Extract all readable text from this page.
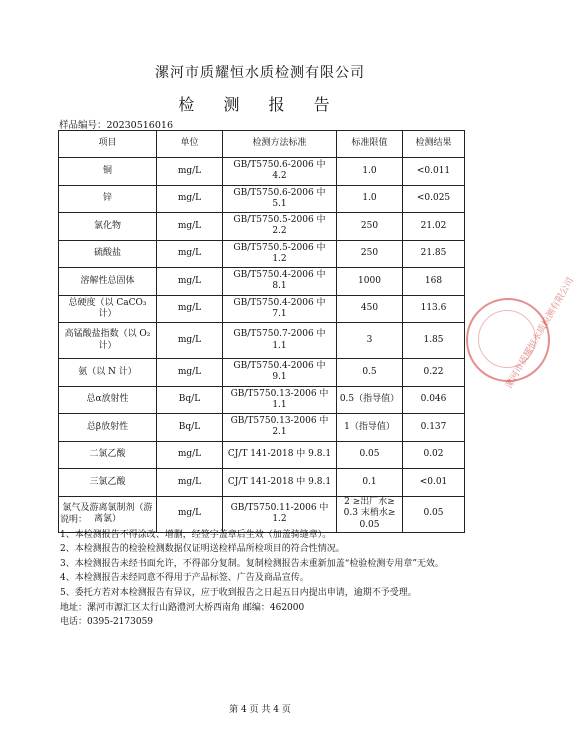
漯河市质耀恒水质检测有限公司
检 测 报 告
样品编号：20230516016
项目	单位	检测方法标准	标准限值	检测结果
铜	mg/L	GB/T5750.6-2006 中 4.2	1.0	<0.011
锌	mg/L	GB/T5750.6-2006 中 5.1	1.0	<0.025
氯化物	mg/L	GB/T5750.5-2006 中 2.2	250	21.02
硫酸盐	mg/L	GB/T5750.5-2006 中 1.2	250	21.85
溶解性总固体	mg/L	GB/T5750.4-2006 中 8.1	1000	168
总硬度（以 CaCO₃ 计）	mg/L	GB/T5750.4-2006 中 7.1	450	113.6
高锰酸盐指数（以 O₂ 计）	mg/L	GB/T5750.7-2006 中 1.1	3	1.85
氨（以 N 计）	mg/L	GB/T5750.4-2006 中 9.1	0.5	0.22
总α放射性	Bq/L	GB/T5750.13-2006 中 1.1	0.5（指导值）	0.046
总β放射性	Bq/L	GB/T5750.13-2006 中 2.1	1（指导值）	0.137
二氯乙酸	mg/L	CJ/T 141-2018 中 9.8.1	0.05	0.02
三氯乙酸	mg/L	CJ/T 141-2018 中 9.8.1	0.1	<0.01
氯气及游离氯制剂（游离氯）	mg/L	GB/T5750.11-2006 中 1.2	2 ≥出厂水≥ 0.3 末梢水≥ 0.05	0.05
说明：
1、本检测报告不得涂改、增删，经签字盖章后生效（加盖骑缝章）。
2、本检测报告的检验检测数据仅证明送检样品所检项目的符合性情况。
3、本检测报告未经书面允许，不得部分复制。复制检测报告未重新加盖“检验检测专用章”无效。
4、本检测报告未经同意不得用于产品标签、广告及商品宣传。
5、委托方若对本检测报告有异议，应于收到报告之日起五日内提出申请，逾期不予受理。
地址：漯河市源汇区太行山路澧河大桥西南角 邮编：462000
电话：0395-2173059
第 4 页 共 4 页
漯河市质耀恒水质检测有限公司
